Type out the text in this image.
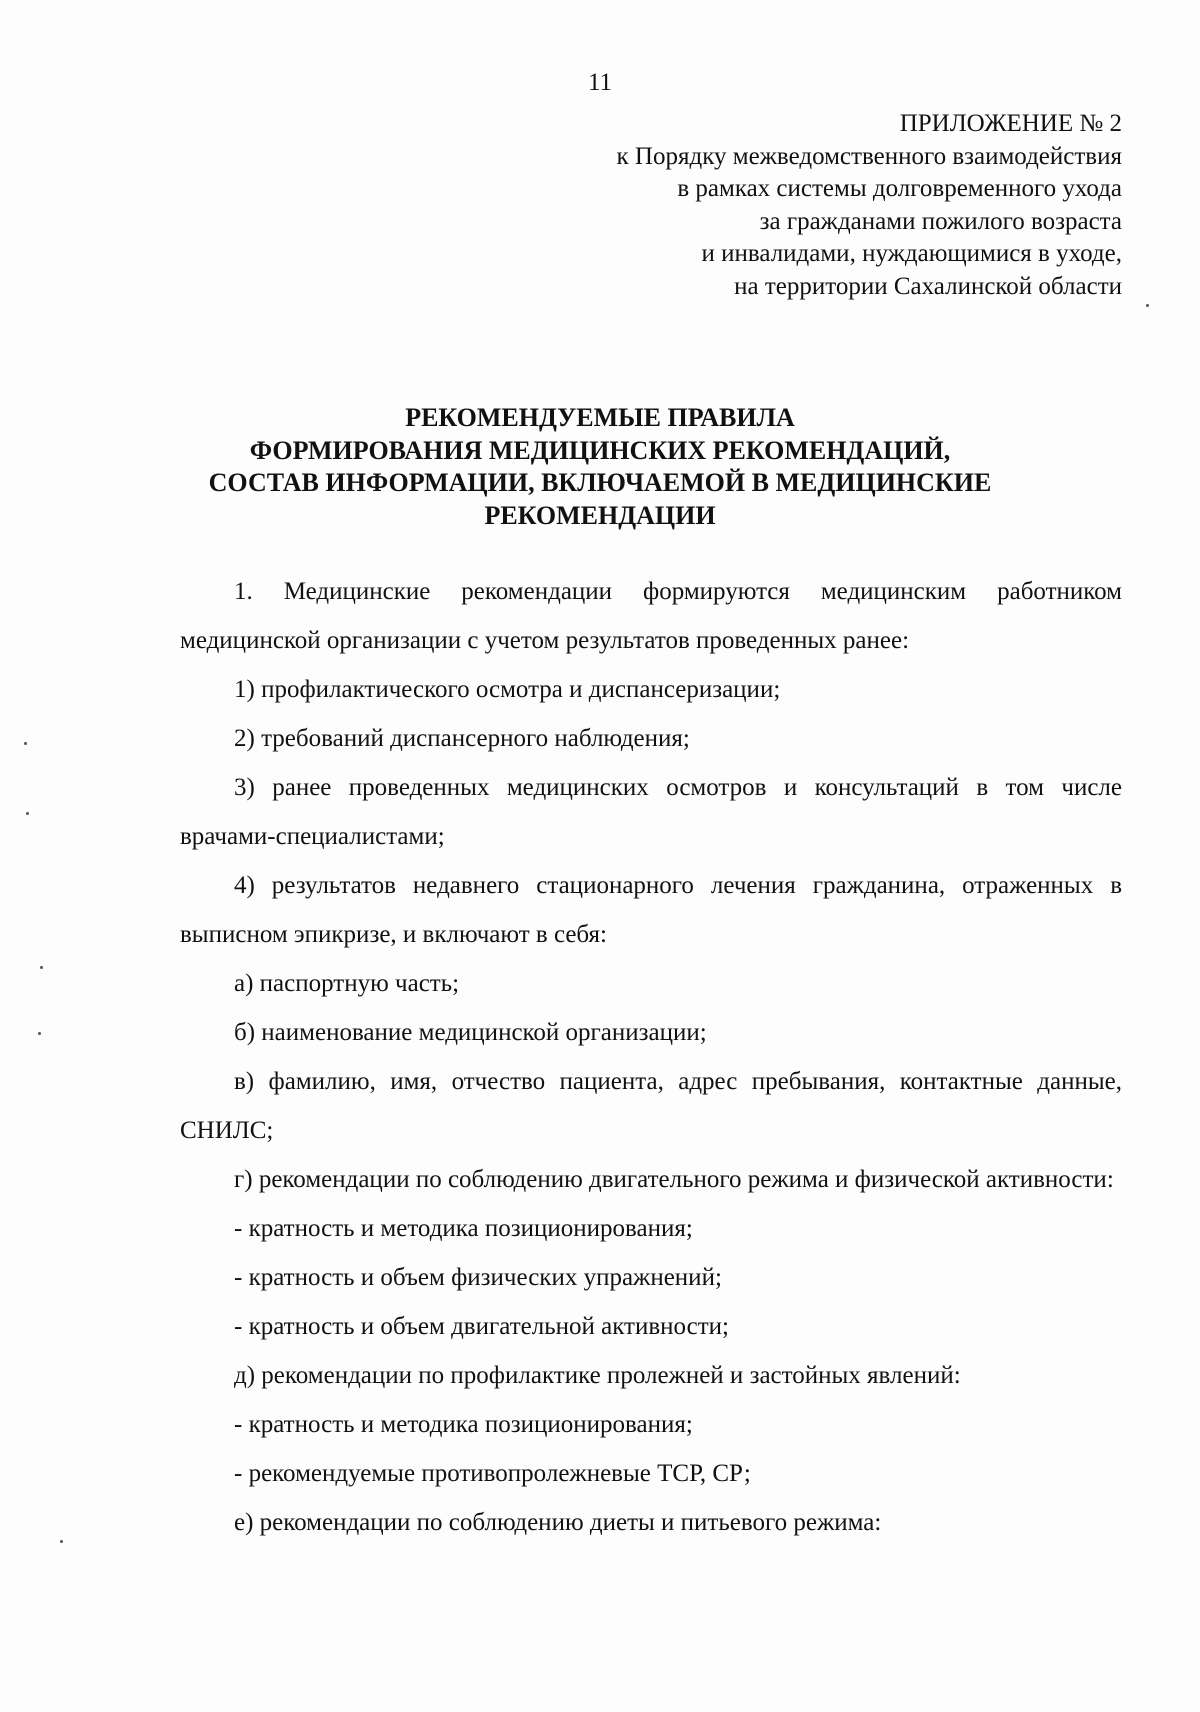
11
ПРИЛОЖЕНИЕ № 2
к Порядку межведомственного взаимодействия
в рамках системы долговременного ухода
за гражданами пожилого возраста
и инвалидами, нуждающимися в уходе,
на территории Сахалинской области
РЕКОМЕНДУЕМЫЕ ПРАВИЛА
ФОРМИРОВАНИЯ МЕДИЦИНСКИХ РЕКОМЕНДАЦИЙ,
СОСТАВ ИНФОРМАЦИИ, ВКЛЮЧАЕМОЙ В МЕДИЦИНСКИЕ
РЕКОМЕНДАЦИИ

1. Медицинские рекомендации формируются медицинским работником медицинской организации с учетом результатов проведенных ранее:

1) профилактического осмотра и диспансеризации;

2) требований диспансерного наблюдения;

3) ранее проведенных медицинских осмотров и консультаций в том числе врачами-специалистами;

4) результатов недавнего стационарного лечения гражданина, отраженных в выписном эпикризе, и включают в себя:

а) паспортную часть;

б) наименование медицинской организации;

в) фамилию, имя, отчество пациента, адрес пребывания, контактные данные, СНИЛС;

г) рекомендации по соблюдению двигательного режима и физической активности:

- кратность и методика позиционирования;

- кратность и объем физических упражнений;

- кратность и объем двигательной активности;

д) рекомендации по профилактике пролежней и застойных явлений:

- кратность и методика позиционирования;

- рекомендуемые противопролежневые ТСР, СР;

е) рекомендации по соблюдению диеты и питьевого режима:
